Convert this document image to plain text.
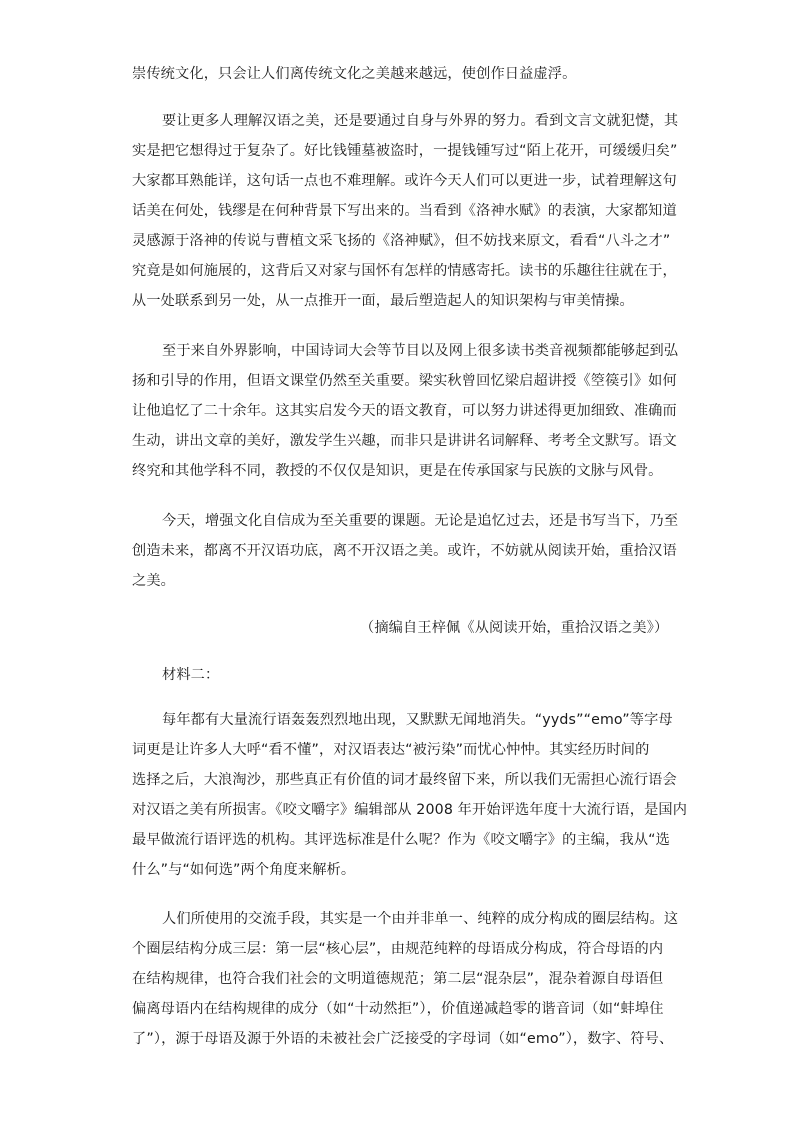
崇传统文化，只会让人们离传统文化之美越来越远，使创作日益虚浮。
要让更多人理解汉语之美，还是要通过自身与外界的努力。看到文言文就犯憷，其
实是把它想得过于复杂了。好比钱锺墓被盗时，一提钱锺写过“陌上花开，可缓缓归矣”
大家都耳熟能详，这句话一点也不难理解。或许今天人们可以更进一步，试着理解这句
话美在何处，钱缪是在何种背景下写出来的。当看到《洛神水赋》的表演，大家都知道
灵感源于洛神的传说与曹植文采飞扬的《洛神赋》，但不妨找来原文，看看“八斗之才”
究竟是如何施展的，这背后又对家与国怀有怎样的情感寄托。读书的乐趣往往就在于，
从一处联系到另一处，从一点推开一面，最后塑造起人的知识架构与审美情操。
至于来自外界影响，中国诗词大会等节目以及网上很多读书类音视频都能够起到弘
扬和引导的作用，但语文课堂仍然至关重要。梁实秋曾回忆梁启超讲授《箜篌引》如何
让他追忆了二十余年。这其实启发今天的语文教育，可以努力讲述得更加细致、准确而
生动，讲出文章的美好，激发学生兴趣，而非只是讲讲名词解释、考考全文默写。语文
终究和其他学科不同，教授的不仅仅是知识，更是在传承国家与民族的文脉与风骨。
今天，增强文化自信成为至关重要的课题。无论是追忆过去，还是书写当下，乃至
创造未来，都离不开汉语功底，离不开汉语之美。或许，不妨就从阅读开始，重拾汉语
之美。
（摘编自王梓佩《从阅读开始，重拾汉语之美》）
材料二：
每年都有大量流行语轰轰烈烈地出现，又默默无闻地消失。“yyds”“emo”等字母
词更是让许多人大呼“看不懂”，对汉语表达“被污染”而忧心忡忡。其实经历时间的
选择之后，大浪淘沙，那些真正有价值的词才最终留下来，所以我们无需担心流行语会
对汉语之美有所损害。《咬文嚼字》编辑部从 2008 年开始评选年度十大流行语，是国内
最早做流行语评选的机构。其评选标准是什么呢？作为《咬文嚼字》的主编，我从“选
什么”与“如何选”两个角度来解析。
人们所使用的交流手段，其实是一个由并非单一、纯粹的成分构成的圈层结构。这
个圈层结构分成三层：第一层“核心层”，由规范纯粹的母语成分构成，符合母语的内
在结构规律，也符合我们社会的文明道德规范；第二层“混杂层”，混杂着源自母语但
偏离母语内在结构规律的成分（如“十动然拒”），价值递减趋零的谐音词（如“蚌埠住
了”），源于母语及源于外语的未被社会广泛接受的字母词（如“emo”），数字、符号、
